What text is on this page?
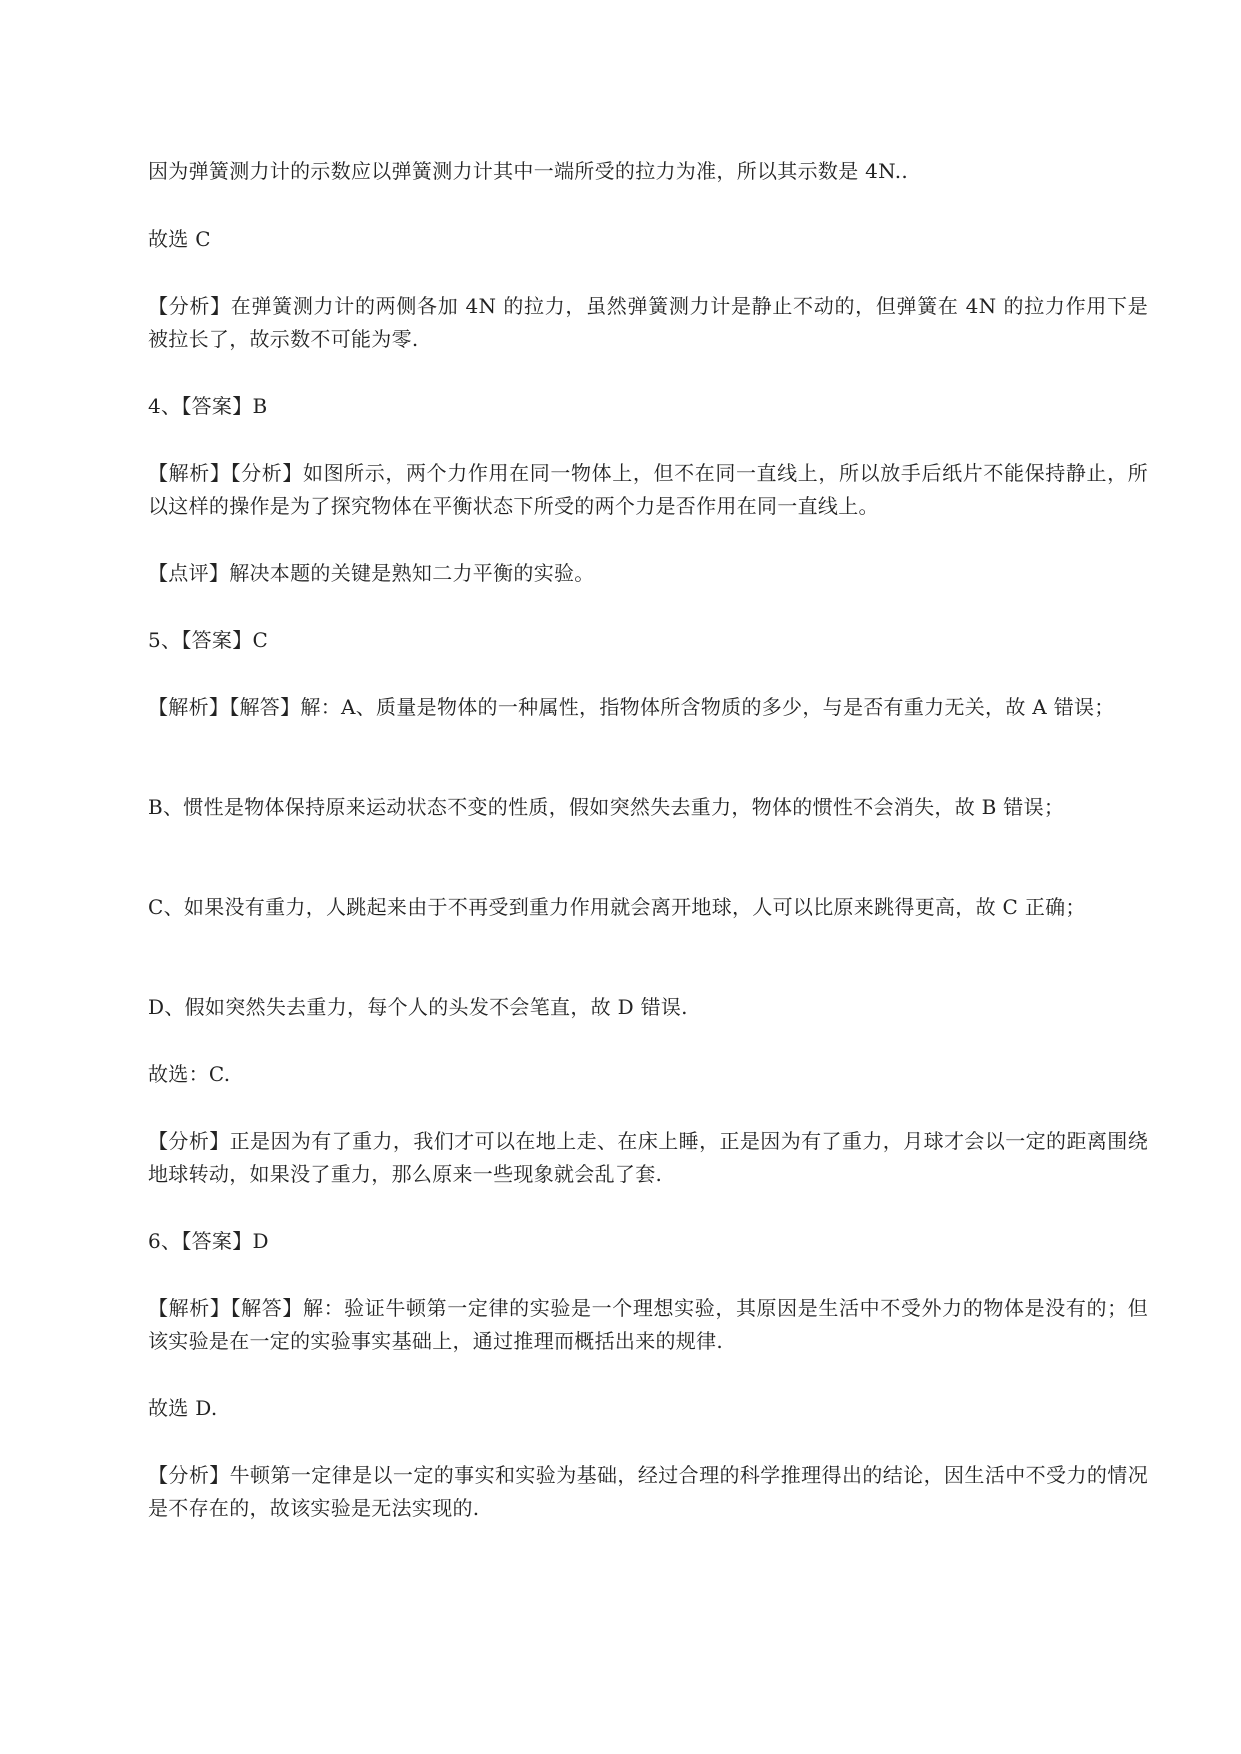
因为弹簧测力计的示数应以弹簧测力计其中一端所受的拉力为准，所以其示数是 4N..

故选 C

【分析】在弹簧测力计的两侧各加 4N 的拉力，虽然弹簧测力计是静止不动的，但弹簧在 4N 的拉力作用下是被拉长了，故示数不可能为零.

4、【答案】B

【解析】【分析】如图所示，两个力作用在同一物体上，但不在同一直线上，所以放手后纸片不能保持静止，所以这样的操作是为了探究物体在平衡状态下所受的两个力是否作用在同一直线上。

【点评】解决本题的关键是熟知二力平衡的实验。

5、【答案】C

【解析】【解答】解：A、质量是物体的一种属性，指物体所含物质的多少，与是否有重力无关，故 A 错误；

B、惯性是物体保持原来运动状态不变的性质，假如突然失去重力，物体的惯性不会消失，故 B 错误；

C、如果没有重力，人跳起来由于不再受到重力作用就会离开地球，人可以比原来跳得更高，故 C 正确；

D、假如突然失去重力，每个人的头发不会笔直，故 D 错误.

故选：C.

【分析】正是因为有了重力，我们才可以在地上走、在床上睡，正是因为有了重力，月球才会以一定的距离围绕地球转动，如果没了重力，那么原来一些现象就会乱了套.

6、【答案】D

【解析】【解答】解：验证牛顿第一定律的实验是一个理想实验，其原因是生活中不受外力的物体是没有的；但该实验是在一定的实验事实基础上，通过推理而概括出来的规律.

故选 D.

【分析】牛顿第一定律是以一定的事实和实验为基础，经过合理的科学推理得出的结论，因生活中不受力的情况是不存在的，故该实验是无法实现的.
